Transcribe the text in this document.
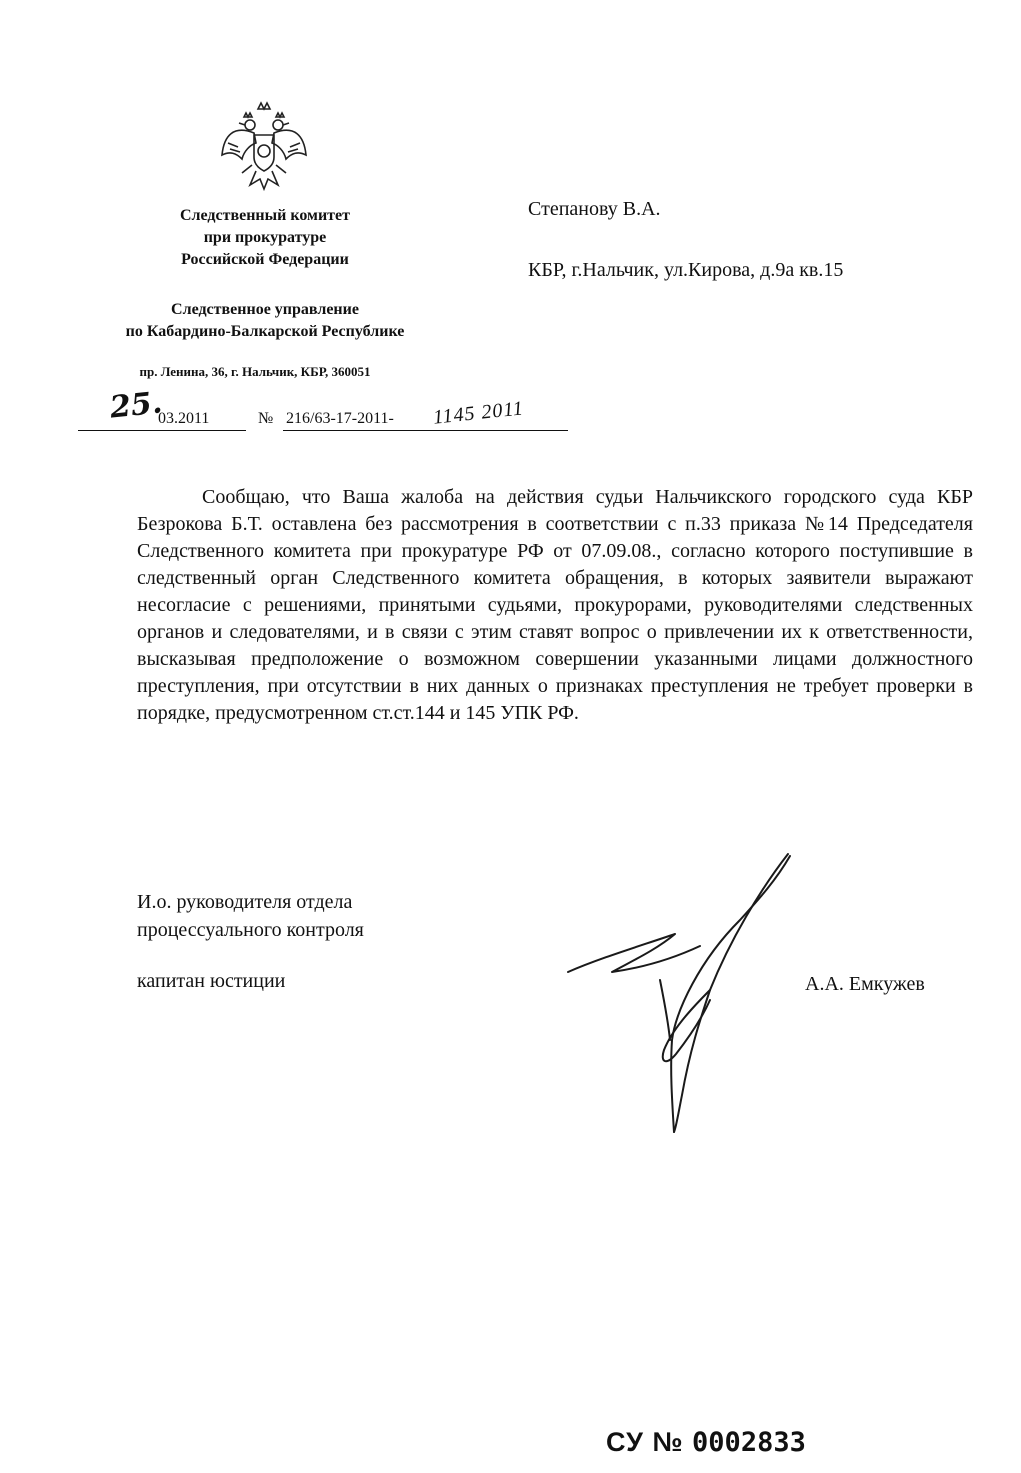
Следственный комитет
при прокуратуре
Российской Федерации
Следственное управление
по Кабардино-Балкарской Республике
пр. Ленина, 36, г. Нальчик, КБР, 360051
25.
03.2011	№ 216/63-17-2011- 1145 2011
Степанову В.А.
КБР, г.Нальчик, ул.Кирова, д.9а кв.15

Сообщаю, что Ваша жалоба на действия судьи Нальчикского городского суда КБР Безрокова Б.Т. оставлена без рассмотрения в соответствии с п.33 приказа №14 Председателя Следственного комитета при прокуратуре РФ от 07.09.08., согласно которого поступившие в следственный орган Следственного комитета обращения, в которых заявители выражают несогласие с решениями, принятыми судьями, прокурорами, руководителями следственных органов и следователями, и в связи с этим ставят вопрос о привлечении их к ответственности, высказывая предположение о возможном совершении указанными лицами должностного преступления, при отсутствии в них данных о признаках преступления не требует проверки в порядке, предусмотренном ст.ст.144 и 145 УПК РФ.

И.о. руководителя отдела
процессуального контроля
капитан юстиции	А.А. Емкужев
СУ № 0002833
